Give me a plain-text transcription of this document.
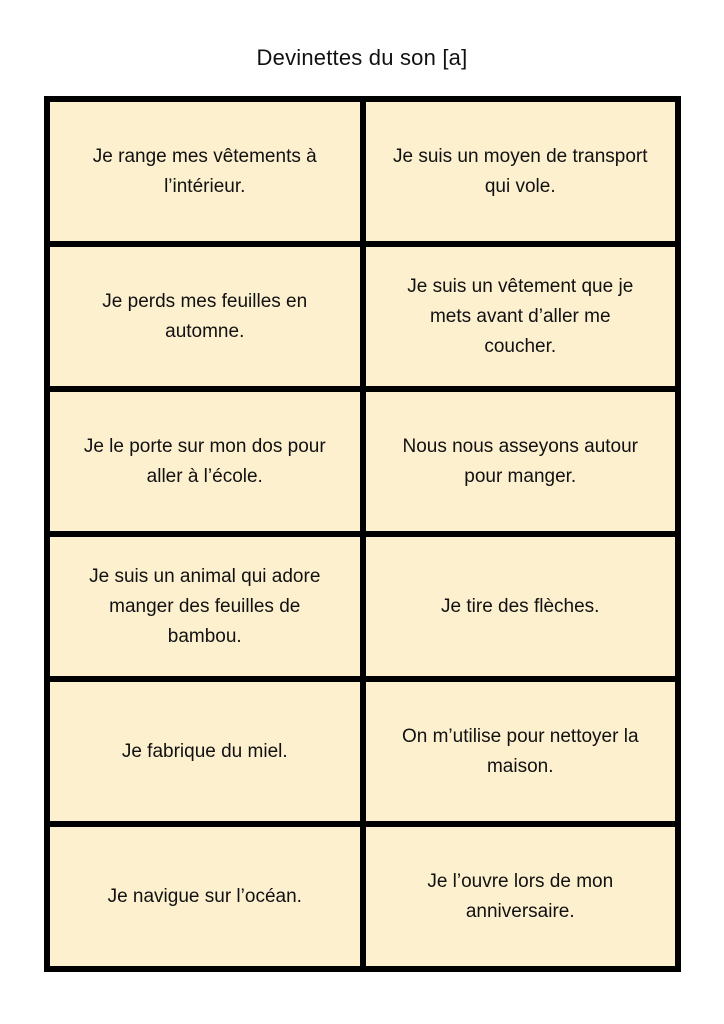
Devinettes du son [a]
Je range mes vêtements à
l’intérieur.
Je suis un moyen de transport
qui vole.
Je perds mes feuilles en
automne.
Je suis un vêtement que je
mets avant d’aller me
coucher.
Je le porte sur mon dos pour
aller à l’école.
Nous nous asseyons autour
pour manger.
Je suis un animal qui adore
manger des feuilles de
bambou.
Je tire des flèches.
Je fabrique du miel.
On m’utilise pour nettoyer la
maison.
Je navigue sur l’océan.
Je l’ouvre lors de mon
anniversaire.
